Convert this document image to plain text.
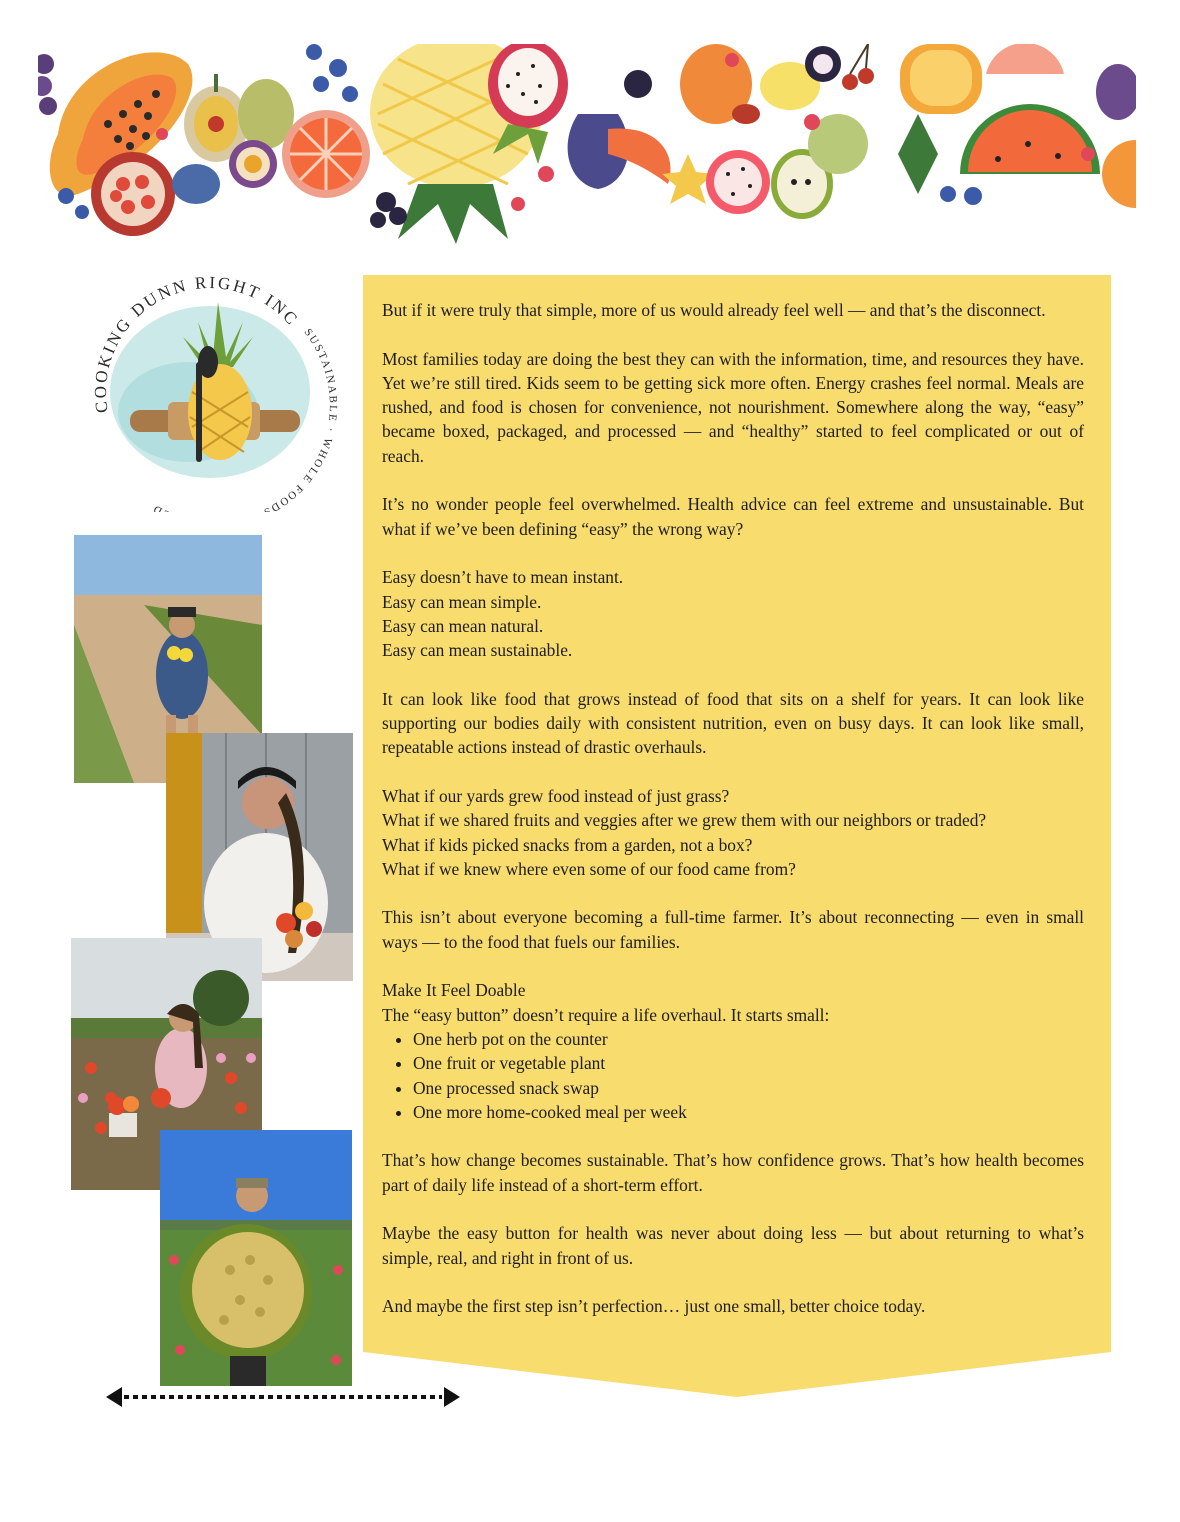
COOKING DUNN RIGHT INC
SUSTAINABLE · WHOLE FOODS D

But if it were truly that simple, more of us would already feel well — and that’s the disconnect.

Most families today are doing the best they can with the information, time, and resources they have. Yet we’re still tired. Kids seem to be getting sick more often. Energy crashes feel normal. Meals are rushed, and food is chosen for convenience, not nourishment. Somewhere along the way, “easy” became boxed, packaged, and processed — and “healthy” started to feel complicated or out of reach.

It’s no wonder people feel overwhelmed. Health advice can feel extreme and unsustainable. But what if we’ve been defining “easy” the wrong way?

Easy doesn’t have to mean instant.
Easy can mean simple.
Easy can mean natural.
Easy can mean sustainable.

It can look like food that grows instead of food that sits on a shelf for years. It can look like supporting our bodies daily with consistent nutrition, even on busy days. It can look like small, repeatable actions instead of drastic overhauls.

What if our yards grew food instead of just grass?
What if we shared fruits and veggies after we grew them with our neighbors or traded?
What if kids picked snacks from a garden, not a box?
What if we knew where even some of our food came from?

This isn’t about everyone becoming a full-time farmer. It’s about reconnecting — even in small ways — to the food that fuels our families.

Make It Feel Doable
The “easy button” doesn’t require a life overhaul. It starts small:
• One herb pot on the counter
• One fruit or vegetable plant
• One processed snack swap
• One more home-cooked meal per week

That’s how change becomes sustainable. That’s how confidence grows. That’s how health becomes part of daily life instead of a short-term effort.

Maybe the easy button for health was never about doing less — but about returning to what’s simple, real, and right in front of us.

And maybe the first step isn’t perfection… just one small, better choice today.
